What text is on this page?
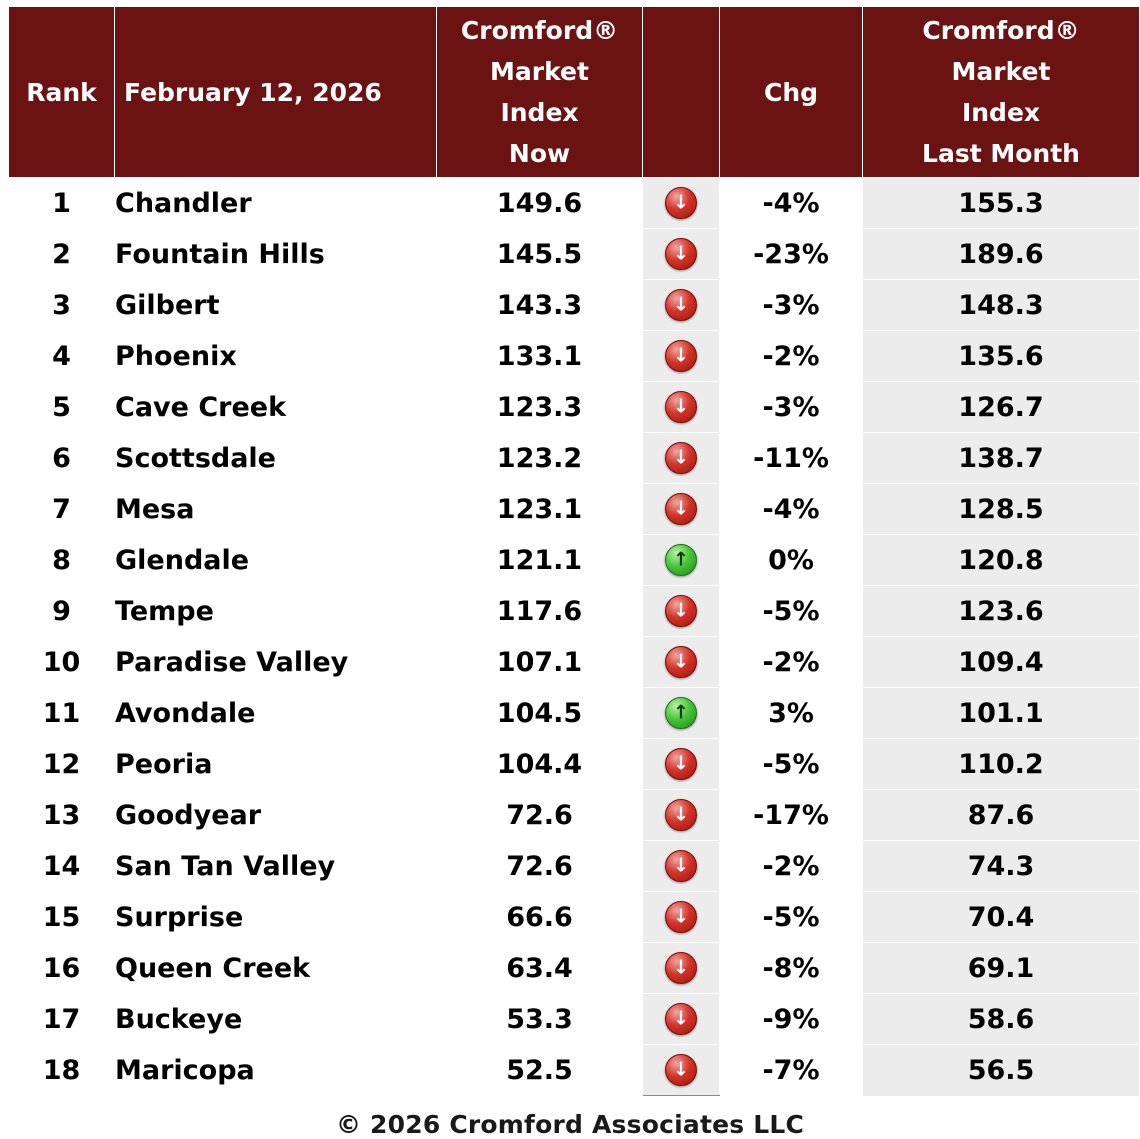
Rank	February 12, 2026	Cromford®
Market
Index
Now		Chg	Cromford®
Market
Index
Last Month

1	Chandler	149.6	↓	-4%	155.3
2	Fountain Hills	145.5	↓	-23%	189.6
3	Gilbert	143.3	↓	-3%	148.3
4	Phoenix	133.1	↓	-2%	135.6
5	Cave Creek	123.3	↓	-3%	126.7
6	Scottsdale	123.2	↓	-11%	138.7
7	Mesa	123.1	↓	-4%	128.5
8	Glendale	121.1	↑	0%	120.8
9	Tempe	117.6	↓	-5%	123.6
10	Paradise Valley	107.1	↓	-2%	109.4
11	Avondale	104.5	↑	3%	101.1
12	Peoria	104.4	↓	-5%	110.2
13	Goodyear	72.6	↓	-17%	87.6
14	San Tan Valley	72.6	↓	-2%	74.3
15	Surprise	66.6	↓	-5%	70.4
16	Queen Creek	63.4	↓	-8%	69.1
17	Buckeye	53.3	↓	-9%	58.6
18	Maricopa	52.5	↓	-7%	56.5
© 2026 Cromford Associates LLC
